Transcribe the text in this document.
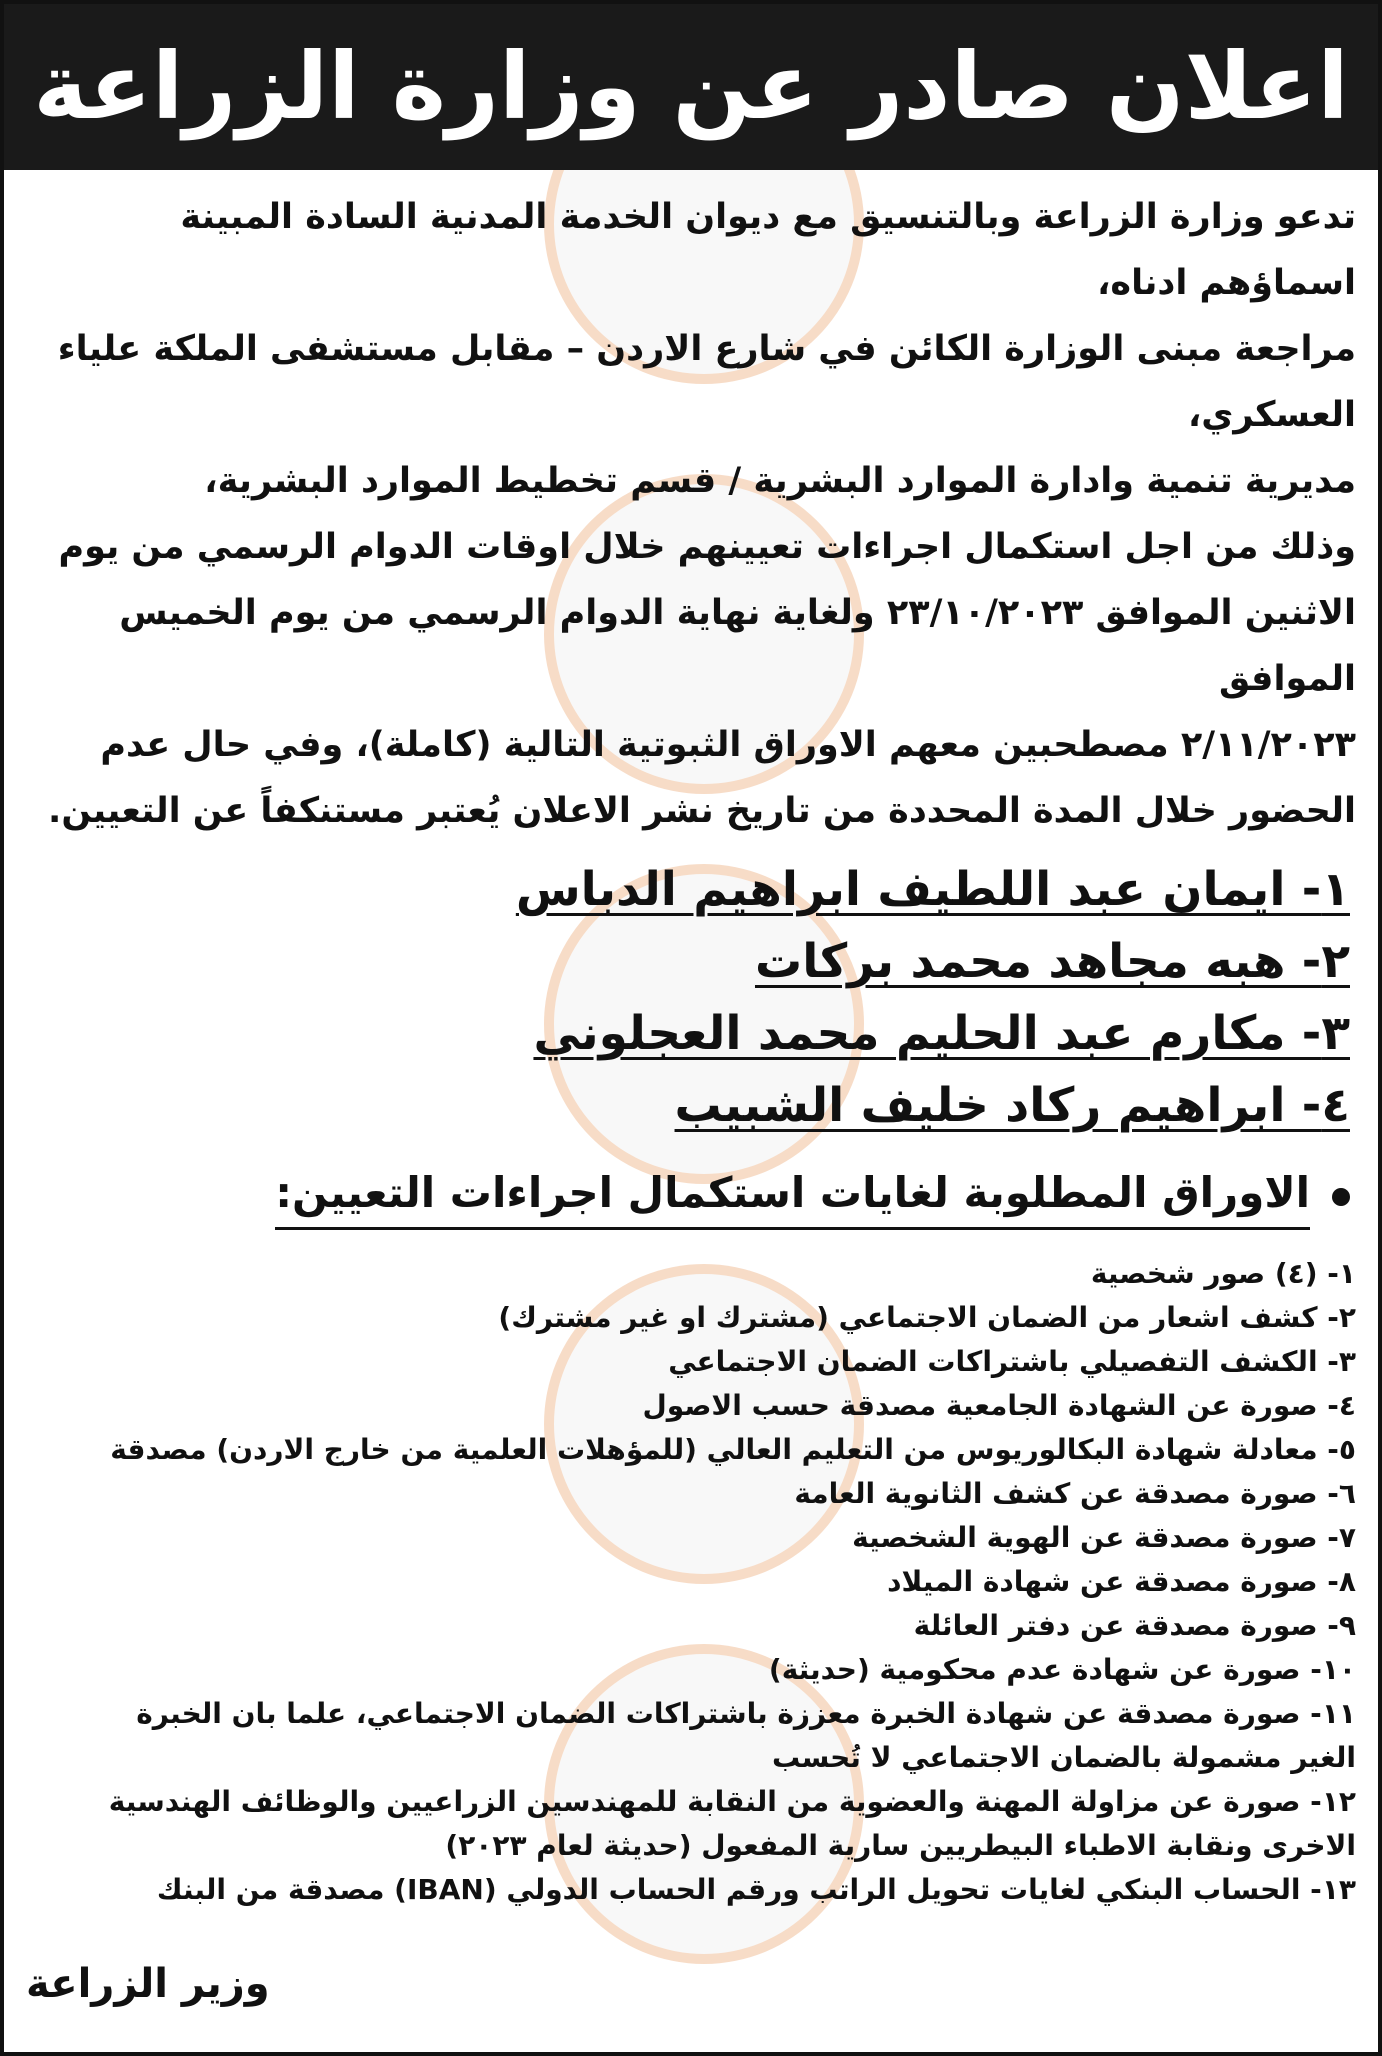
اعلان صادر عن وزارة الزراعة

تدعو وزارة الزراعة وبالتنسيق مع ديوان الخدمة المدنية السادة المبينة اسماؤهم ادناه،

مراجعة مبنى الوزارة الكائن في شارع الاردن – مقابل مستشفى الملكة علياء العسكري،

مديرية تنمية وادارة الموارد البشرية / قسم تخطيط الموارد البشرية،

وذلك من اجل استكمال اجراءات تعيينهم خلال اوقات الدوام الرسمي من يوم

الاثنين الموافق ٢٣/١٠/٢٠٢٣ ولغاية نهاية الدوام الرسمي من يوم الخميس الموافق

٢/١١/٢٠٢٣ مصطحبين معهم الاوراق الثبوتية التالية (كاملة)، وفي حال عدم

الحضور خلال المدة المحددة من تاريخ نشر الاعلان يُعتبر مستنكفاً عن التعيين.

١- ايمان عبد اللطيف ابراهيم الدباس
٢- هبه مجاهد محمد بركات
٣- مكارم عبد الحليم محمد العجلوني
٤- ابراهيم ركاد خليف الشبيب
الاوراق المطلوبة لغايات استكمال اجراءات التعيين:
١- (٤) صور شخصية
٢- كشف اشعار من الضمان الاجتماعي (مشترك او غير مشترك)
٣- الكشف التفصيلي باشتراكات الضمان الاجتماعي
٤- صورة عن الشهادة الجامعية مصدقة حسب الاصول
٥- معادلة شهادة البكالوريوس من التعليم العالي (للمؤهلات العلمية من خارج الاردن) مصدقة
٦- صورة مصدقة عن كشف الثانوية العامة
٧- صورة مصدقة عن الهوية الشخصية
٨- صورة مصدقة عن شهادة الميلاد
٩- صورة مصدقة عن دفتر العائلة
١٠- صورة عن شهادة عدم محكومية (حديثة)
١١- صورة مصدقة عن شهادة الخبرة معززة باشتراكات الضمان الاجتماعي، علما بان الخبرة
الغير مشمولة بالضمان الاجتماعي لا تُحسب
١٢- صورة عن مزاولة المهنة والعضوية من النقابة للمهندسين الزراعيين والوظائف الهندسية
الاخرى ونقابة الاطباء البيطريين سارية المفعول (حديثة لعام ٢٠٢٣)
١٣- الحساب البنكي لغايات تحويل الراتب ورقم الحساب الدولي (IBAN) مصدقة من البنك
وزير الزراعة
